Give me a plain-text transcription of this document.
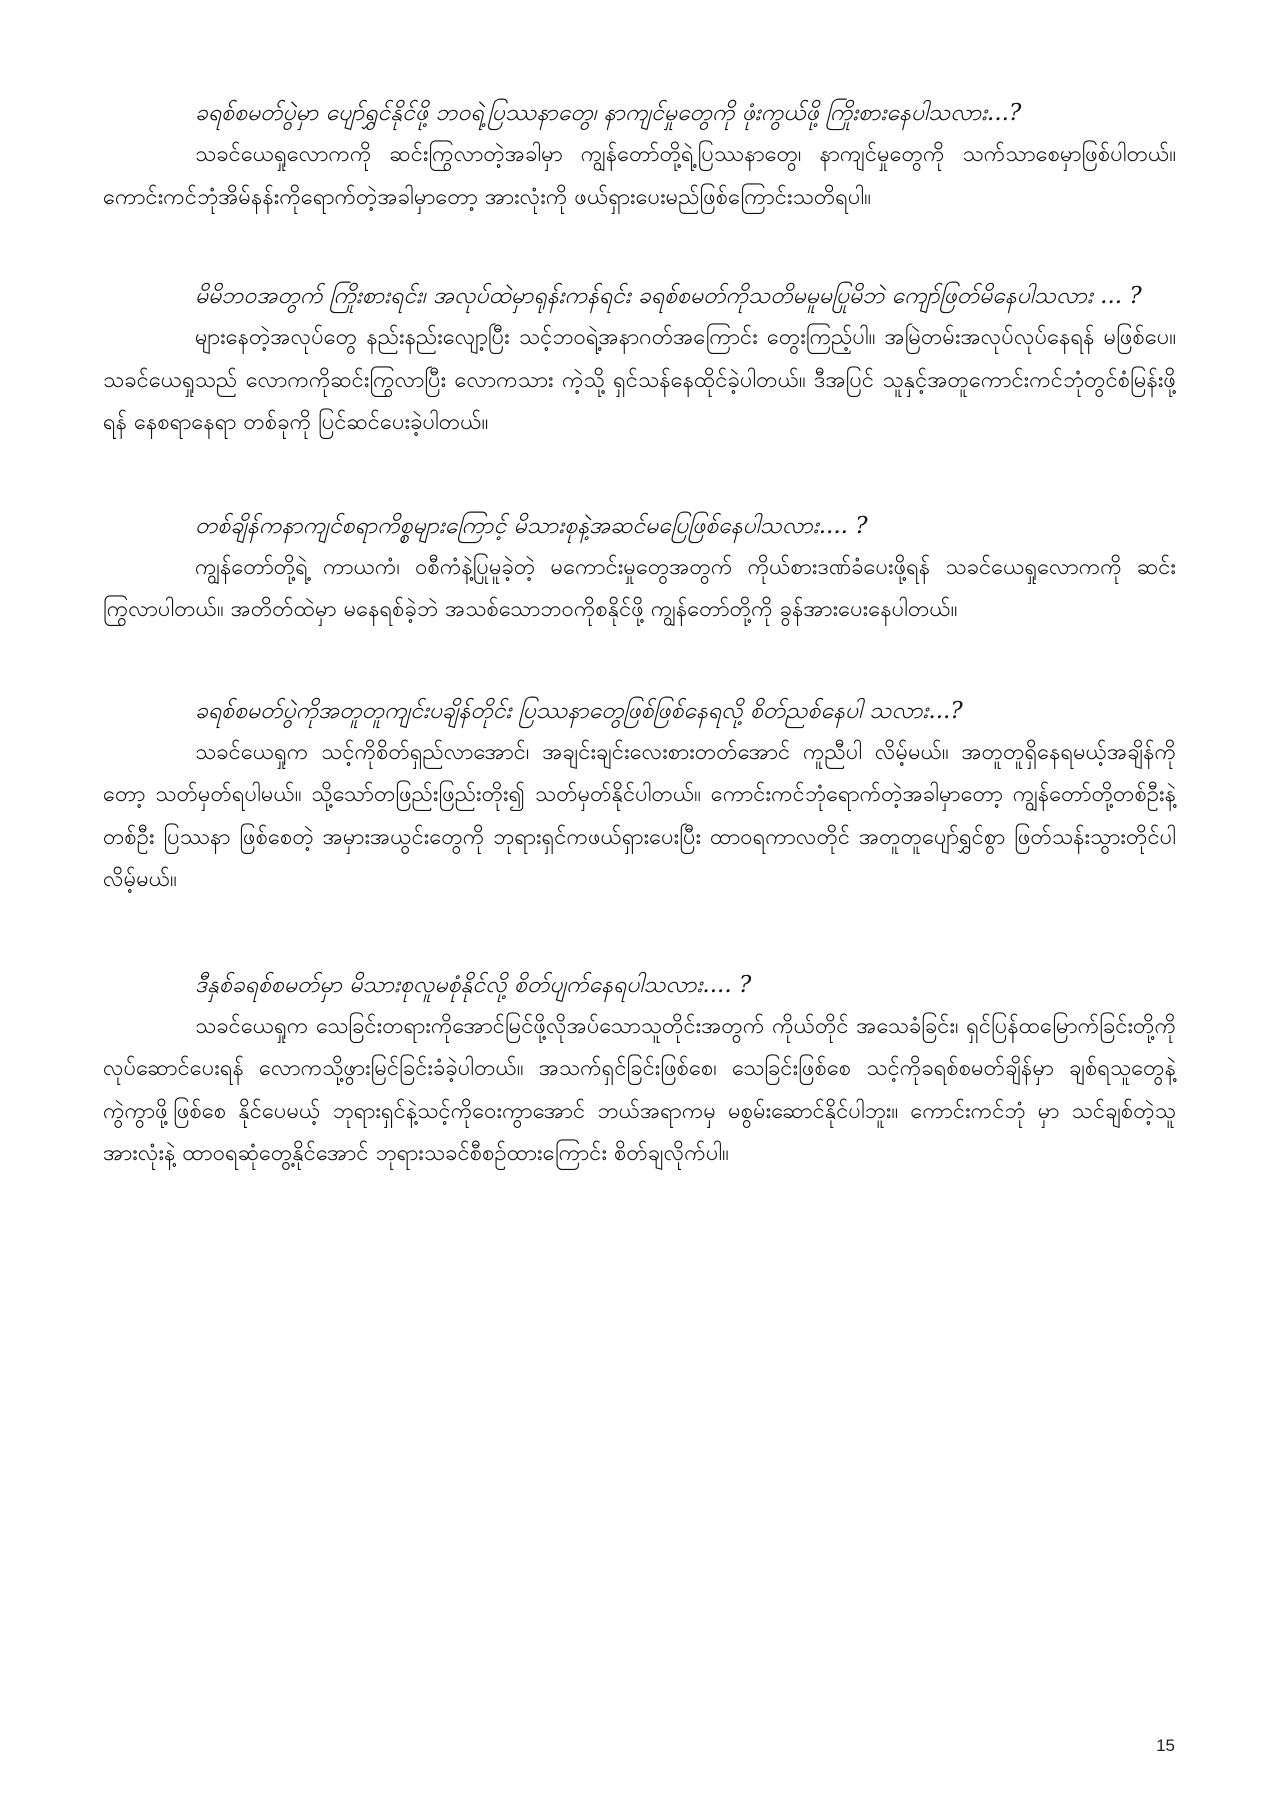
ခရစ်စမတ်ပွဲမှာ ပျော်ရွှင်နိုင်ဖို့ ဘဝရဲ့ပြဿနာတွေ၊ နာကျင်မှုတွေကို ဖုံးကွယ်ဖို့ ကြိုးစားနေပါသလား...?

သခင်ယေရှုလောကကို ဆင်းကြွလာတဲ့အခါမှာ ကျွန်တော်တို့ရဲ့ပြဿနာတွေ၊ နာကျင်မှုတွေကို သက်သာစေမှာဖြစ်ပါတယ်။ ကောင်းကင်ဘုံအိမ်နန်းကိုရောက်တဲ့အခါမှာတော့ အားလုံးကို ဖယ်ရှားပေးမည်ဖြစ်ကြောင်းသတိရပါ။

မိမိဘဝအတွက် ကြိုးစားရင်း၊ အလုပ်ထဲမှာရုန်းကန်ရင်း ခရစ်စမတ်ကိုသတိမမူမပြုမိဘဲ ကျော်ဖြတ်မိနေပါသလား ... ?

များနေတဲ့အလုပ်တွေ နည်းနည်းလျော့ပြီး သင့်ဘဝရဲ့အနာဂတ်အကြောင်း တွေးကြည့်ပါ။ အမြဲတမ်းအလုပ်လုပ်နေရန် မဖြစ်ပေ။ သခင်ယေရှုသည် လောကကိုဆင်းကြွလာပြီး လောကသား ကဲ့သို့ ရှင်သန်နေထိုင်ခဲ့ပါတယ်။ ဒီအပြင် သူနှင့်အတူကောင်းကင်ဘုံတွင်စံမြန်းဖို့ရန် နေစရာနေရာ တစ်ခုကို ပြင်ဆင်ပေးခဲ့ပါတယ်။

တစ်ချိန်ကနာကျင်စရာကိစ္စများကြောင့် မိသားစုနဲ့အဆင်မပြေဖြစ်နေပါသလား.... ?

ကျွန်တော်တို့ရဲ့ ကာယကံ၊ ဝစီကံနဲ့ပြုမူခဲ့တဲ့ မကောင်းမှုတွေအတွက် ကိုယ်စားဒဏ်ခံပေးဖို့ရန် သခင်ယေရှုလောကကို ဆင်းကြွလာပါတယ်။ အတိတ်ထဲမှာ မနေရစ်ခဲ့ဘဲ အသစ်သောဘဝကိုစနိုင်ဖို့ ကျွန်တော်တို့ကို ခွန်အားပေးနေပါတယ်။

ခရစ်စမတ်ပွဲကိုအတူတူကျင်းပချိန်တိုင်း ပြဿနာတွေဖြစ်ဖြစ်နေရလို့ စိတ်ညစ်နေပါ သလား...?

သခင်ယေရှုက သင့်ကိုစိတ်ရှည်လာအောင်၊ အချင်းချင်းလေးစားတတ်အောင် ကူညီပါ လိမ့်မယ်။ အတူတူရှိနေရမယ့်အချိန်ကိုတော့ သတ်မှတ်ရပါမယ်။ သို့သော်တဖြည်းဖြည်းတိုး၍ သတ်မှတ်နိုင်ပါတယ်။ ကောင်းကင်ဘုံရောက်တဲ့အခါမှာတော့ ကျွန်တော်တို့တစ်ဦးနဲ့တစ်ဦး ပြဿနာ ဖြစ်စေတဲ့ အမှားအယွင်းတွေကို ဘုရားရှင်ကဖယ်ရှားပေးပြီး ထာဝရကာလတိုင် အတူတူပျော်ရွှင်စွာ ဖြတ်သန်းသွားတိုင်ပါလိမ့်မယ်။

ဒီနှစ်ခရစ်စမတ်မှာ မိသားစုလူမစုံနိုင်လို့ စိတ်ပျက်နေရပါသလား.... ?

သခင်ယေရှုက သေခြင်းတရားကိုအောင်မြင်ဖို့လိုအပ်သောသူတိုင်းအတွက် ကိုယ်တိုင် အသေခံခြင်း၊ ရှင်ပြန်ထမြောက်ခြင်းတို့ကို လုပ်ဆောင်ပေးရန် လောကသို့ဖွားမြင်ခြင်းခံခဲ့ပါတယ်။ အသက်ရှင်ခြင်းဖြစ်စေ၊ သေခြင်းဖြစ်စေ သင့်ကိုခရစ်စမတ်ချိန်မှာ ချစ်ရသူတွေနဲ့ ကွဲကွာဖို့ဖြစ်စေ နိုင်ပေမယ့် ဘုရားရှင်နဲ့သင့်ကိုဝေးကွာအောင် ဘယ်အရာကမှ မစွမ်းဆောင်နိုင်ပါဘူး။ ကောင်းကင်ဘုံ မှာ သင်ချစ်တဲ့သူအားလုံးနဲ့ ထာဝရဆုံတွေ့နိုင်အောင် ဘုရားသခင်စီစဉ်ထားကြောင်း စိတ်ချလိုက်ပါ။

15
